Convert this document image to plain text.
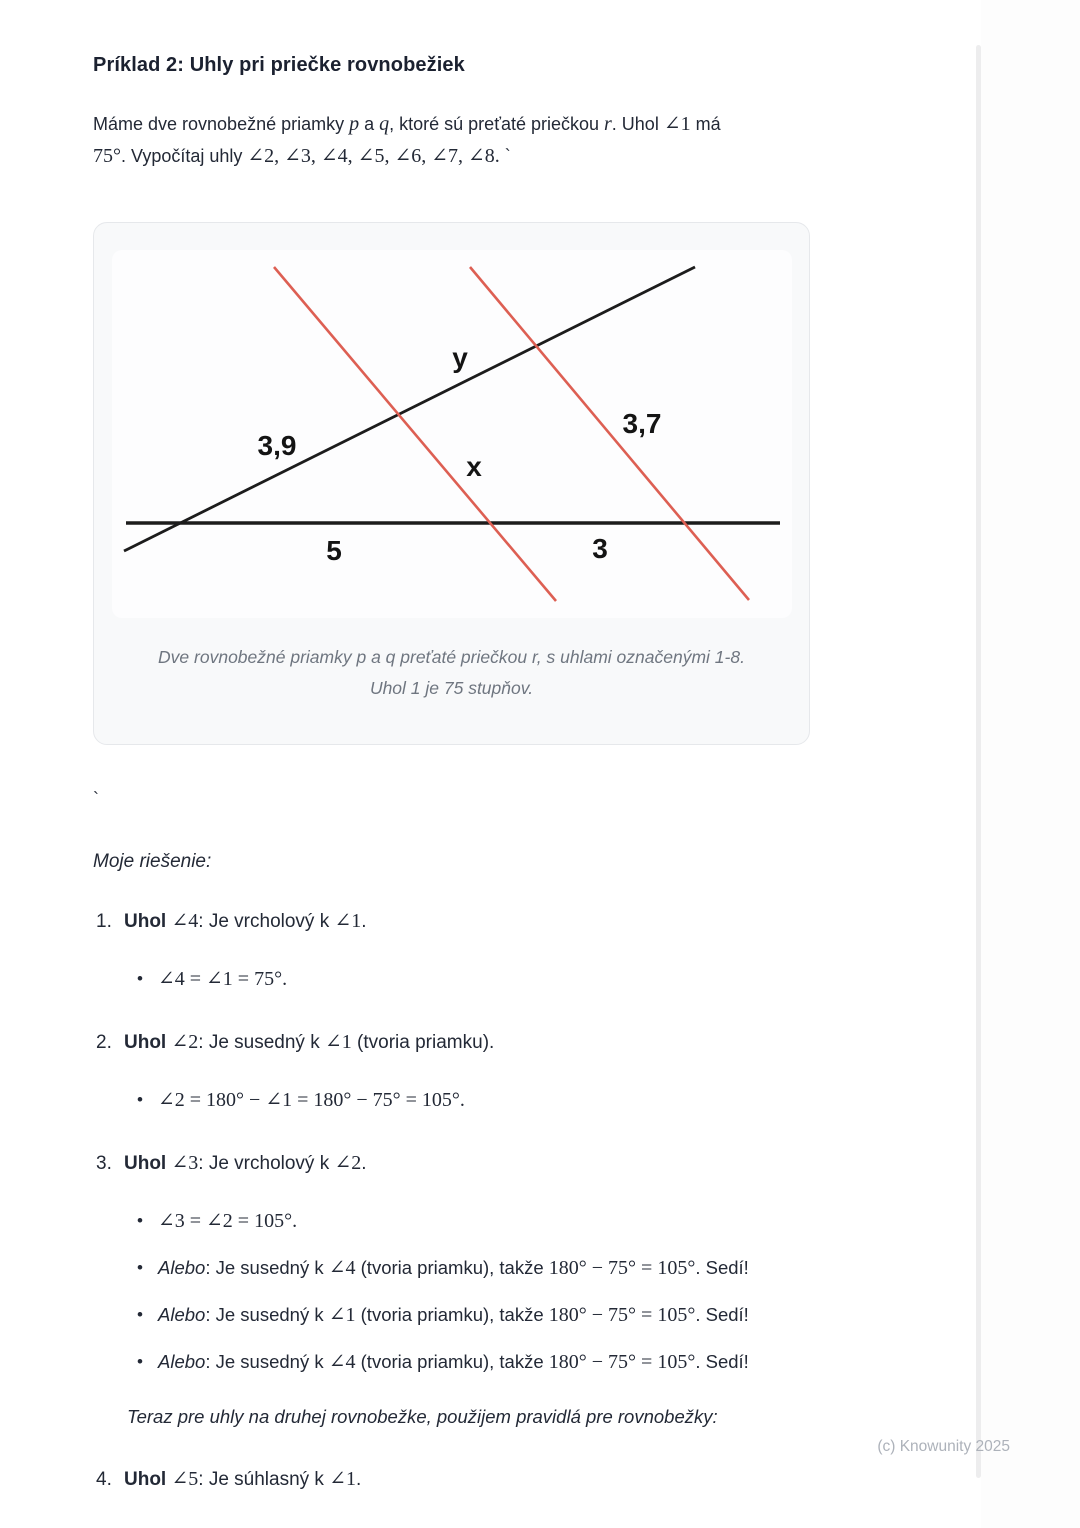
Príklad 2: Uhly pri priečke rovnobežiek

Máme dve rovnobežné priamky p a q, ktoré sú preťaté priečkou r. Uhol ∠1 má
75°. Vypočítaj uhly ∠2, ∠3, ∠4, ∠5, ∠6, ∠7, ∠8. `

y
3,9
3,7
x
5	3
Dve rovnobežné priamky p a q preťaté priečkou r, s uhlami označenými 1-8.
Uhol 1 je 75 stupňov.
`

Moje riešenie:

1. Uhol ∠4: Je vrcholový k ∠1.
• ∠4 = ∠1 = 75°.
2. Uhol ∠2: Je susedný k ∠1 (tvoria priamku).
• ∠2 = 180° − ∠1 = 180° − 75° = 105°.
3. Uhol ∠3: Je vrcholový k ∠2.
• ∠3 = ∠2 = 105°.
• Alebo: Je susedný k ∠4 (tvoria priamku), takže 180° − 75° = 105°. Sedí!
• Alebo: Je susedný k ∠1 (tvoria priamku), takže 180° − 75° = 105°. Sedí!
• Alebo: Je susedný k ∠4 (tvoria priamku), takže 180° − 75° = 105°. Sedí!
Teraz pre uhly na druhej rovnobežke, použijem pravidlá pre rovnobežky:
4. Uhol ∠5: Je súhlasný k ∠1.
(c) Knowunity 2025
